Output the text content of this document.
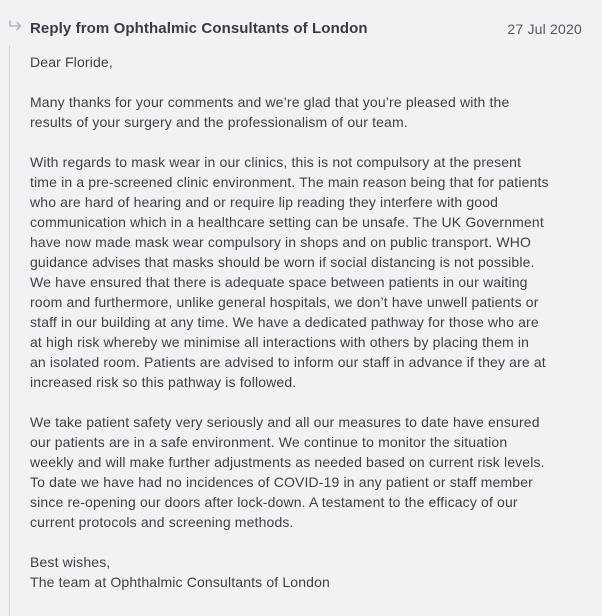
Reply from Ophthalmic Consultants of London	27 Jul 2020

Dear Floride,

Many thanks for your comments and we’re glad that you’re pleased with the
results of your surgery and the professionalism of our team.

With regards to mask wear in our clinics, this is not compulsory at the present
time in a pre-screened clinic environment. The main reason being that for patients
who are hard of hearing and or require lip reading they interfere with good
communication which in a healthcare setting can be unsafe. The UK Government
have now made mask wear compulsory in shops and on public transport. WHO
guidance advises that masks should be worn if social distancing is not possible.
We have ensured that there is adequate space between patients in our waiting
room and furthermore, unlike general hospitals, we don’t have unwell patients or
staff in our building at any time. We have a dedicated pathway for those who are
at high risk whereby we minimise all interactions with others by placing them in
an isolated room. Patients are advised to inform our staff in advance if they are at
increased risk so this pathway is followed.

We take patient safety very seriously and all our measures to date have ensured
our patients are in a safe environment. We continue to monitor the situation
weekly and will make further adjustments as needed based on current risk levels.
To date we have had no incidences of COVID-19 in any patient or staff member
since re-opening our doors after lock-down. A testament to the efficacy of our
current protocols and screening methods.

Best wishes,
The team at Ophthalmic Consultants of London
